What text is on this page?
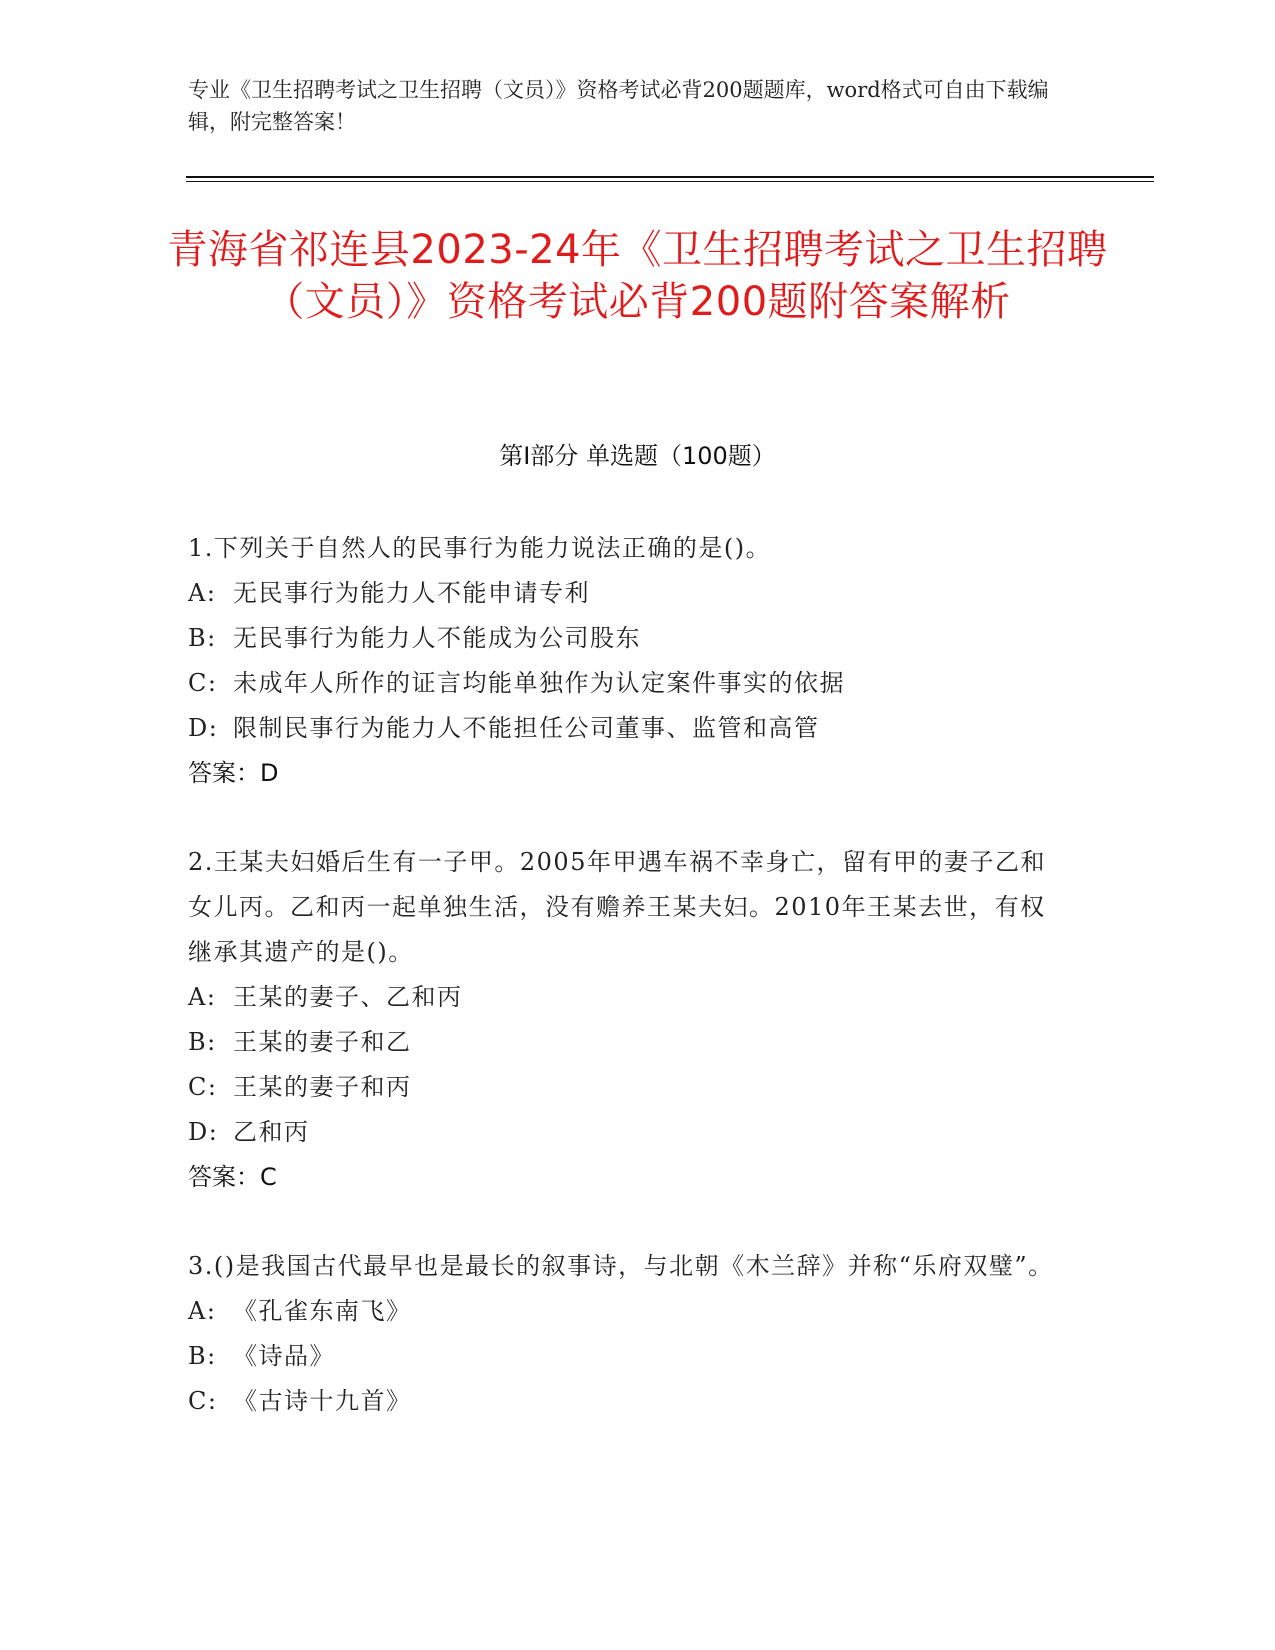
专业《卫生招聘考试之卫生招聘（文员）》资格考试必背200题题库，word格式可自由下载编辑，附完整答案！
青海省祁连县2023-24年《卫生招聘考试之卫生招聘（文员）》资格考试必背200题附答案解析
第I部分 单选题（100题）

1.下列关于自然人的民事行为能力说法正确的是()。

A: 无民事行为能力人不能申请专利

B: 无民事行为能力人不能成为公司股东

C: 未成年人所作的证言均能单独作为认定案件事实的依据

D: 限制民事行为能力人不能担任公司董事、监管和高管

答案：D

2.王某夫妇婚后生有一子甲。2005年甲遇车祸不幸身亡，留有甲的妻子乙和女儿丙。乙和丙一起单独生活，没有赡养王某夫妇。2010年王某去世，有权继承其遗产的是()。

A: 王某的妻子、乙和丙

B: 王某的妻子和乙

C: 王某的妻子和丙

D: 乙和丙

答案：C

3.()是我国古代最早也是最长的叙事诗，与北朝《木兰辞》并称“乐府双璧”。

A: 《孔雀东南飞》

B: 《诗品》

C: 《古诗十九首》
